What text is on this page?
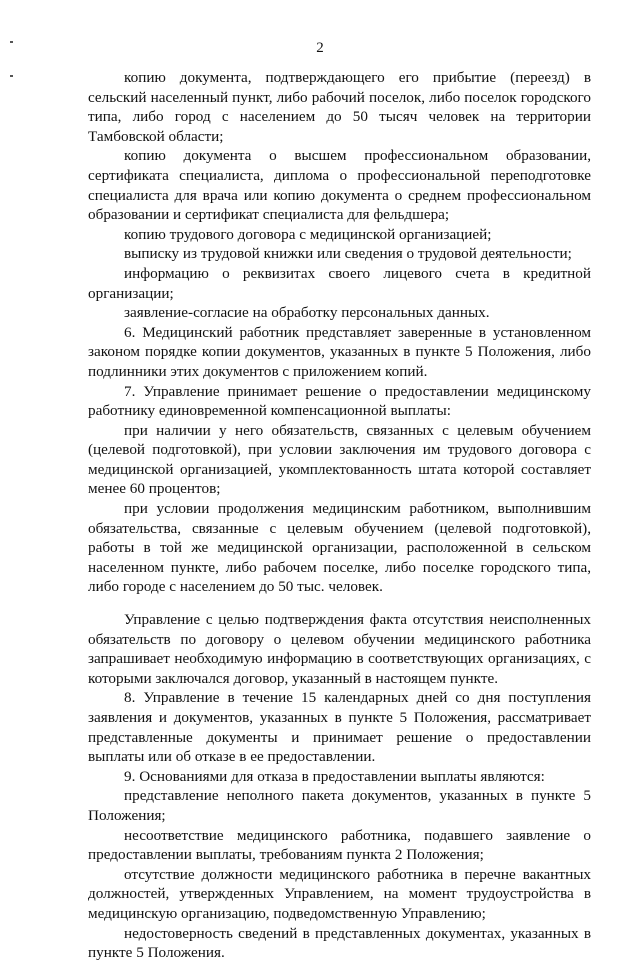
2

копию документа, подтверждающего его прибытие (переезд) в сельский населенный пункт, либо рабочий поселок, либо поселок городского типа, либо город с населением до 50 тысяч человек на территории Тамбовской области;

копию документа о высшем профессиональном образовании, сертификата специалиста, диплома о профессиональной переподготовке специалиста для врача или копию документа о среднем профессиональном образовании и сертификат специалиста для фельдшера;

копию трудового договора с медицинской организацией;

выписку из трудовой книжки или сведения о трудовой деятельности;

информацию о реквизитах своего лицевого счета в кредитной организации;

заявление-согласие на обработку персональных данных.

6. Медицинский работник представляет заверенные в установленном законом порядке копии документов, указанных в пункте 5 Положения, либо подлинники этих документов с приложением копий.

7. Управление принимает решение о предоставлении медицинскому работнику единовременной компенсационной выплаты:

при наличии у него обязательств, связанных с целевым обучением (целевой подготовкой), при условии заключения им трудового договора с медицинской организацией, укомплектованность штата которой составляет менее 60 процентов;

при условии продолжения медицинским работником, выполнившим обязательства, связанные с целевым обучением (целевой подготовкой), работы в той же медицинской организации, расположенной в сельском населенном пункте, либо рабочем поселке, либо поселке городского типа, либо городе с населением до 50 тыс. человек.

Управление с целью подтверждения факта отсутствия неисполненных обязательств по договору о целевом обучении медицинского работника запрашивает необходимую информацию в соответствующих организациях, с которыми заключался договор, указанный в настоящем пункте.

8. Управление в течение 15 календарных дней со дня поступления заявления и документов, указанных в пункте 5 Положения, рассматривает представленные документы и принимает решение о предоставлении выплаты или об отказе в ее предоставлении.

9. Основаниями для отказа в предоставлении выплаты являются:

представление неполного пакета документов, указанных в пункте 5 Положения;

несоответствие медицинского работника, подавшего заявление о предоставлении выплаты, требованиям пункта 2 Положения;

отсутствие должности медицинского работника в перечне вакантных должностей, утвержденных Управлением, на момент трудоустройства в медицинскую организацию, подведомственную Управлению;

недостоверность сведений в представленных документах, указанных в пункте 5 Положения.
